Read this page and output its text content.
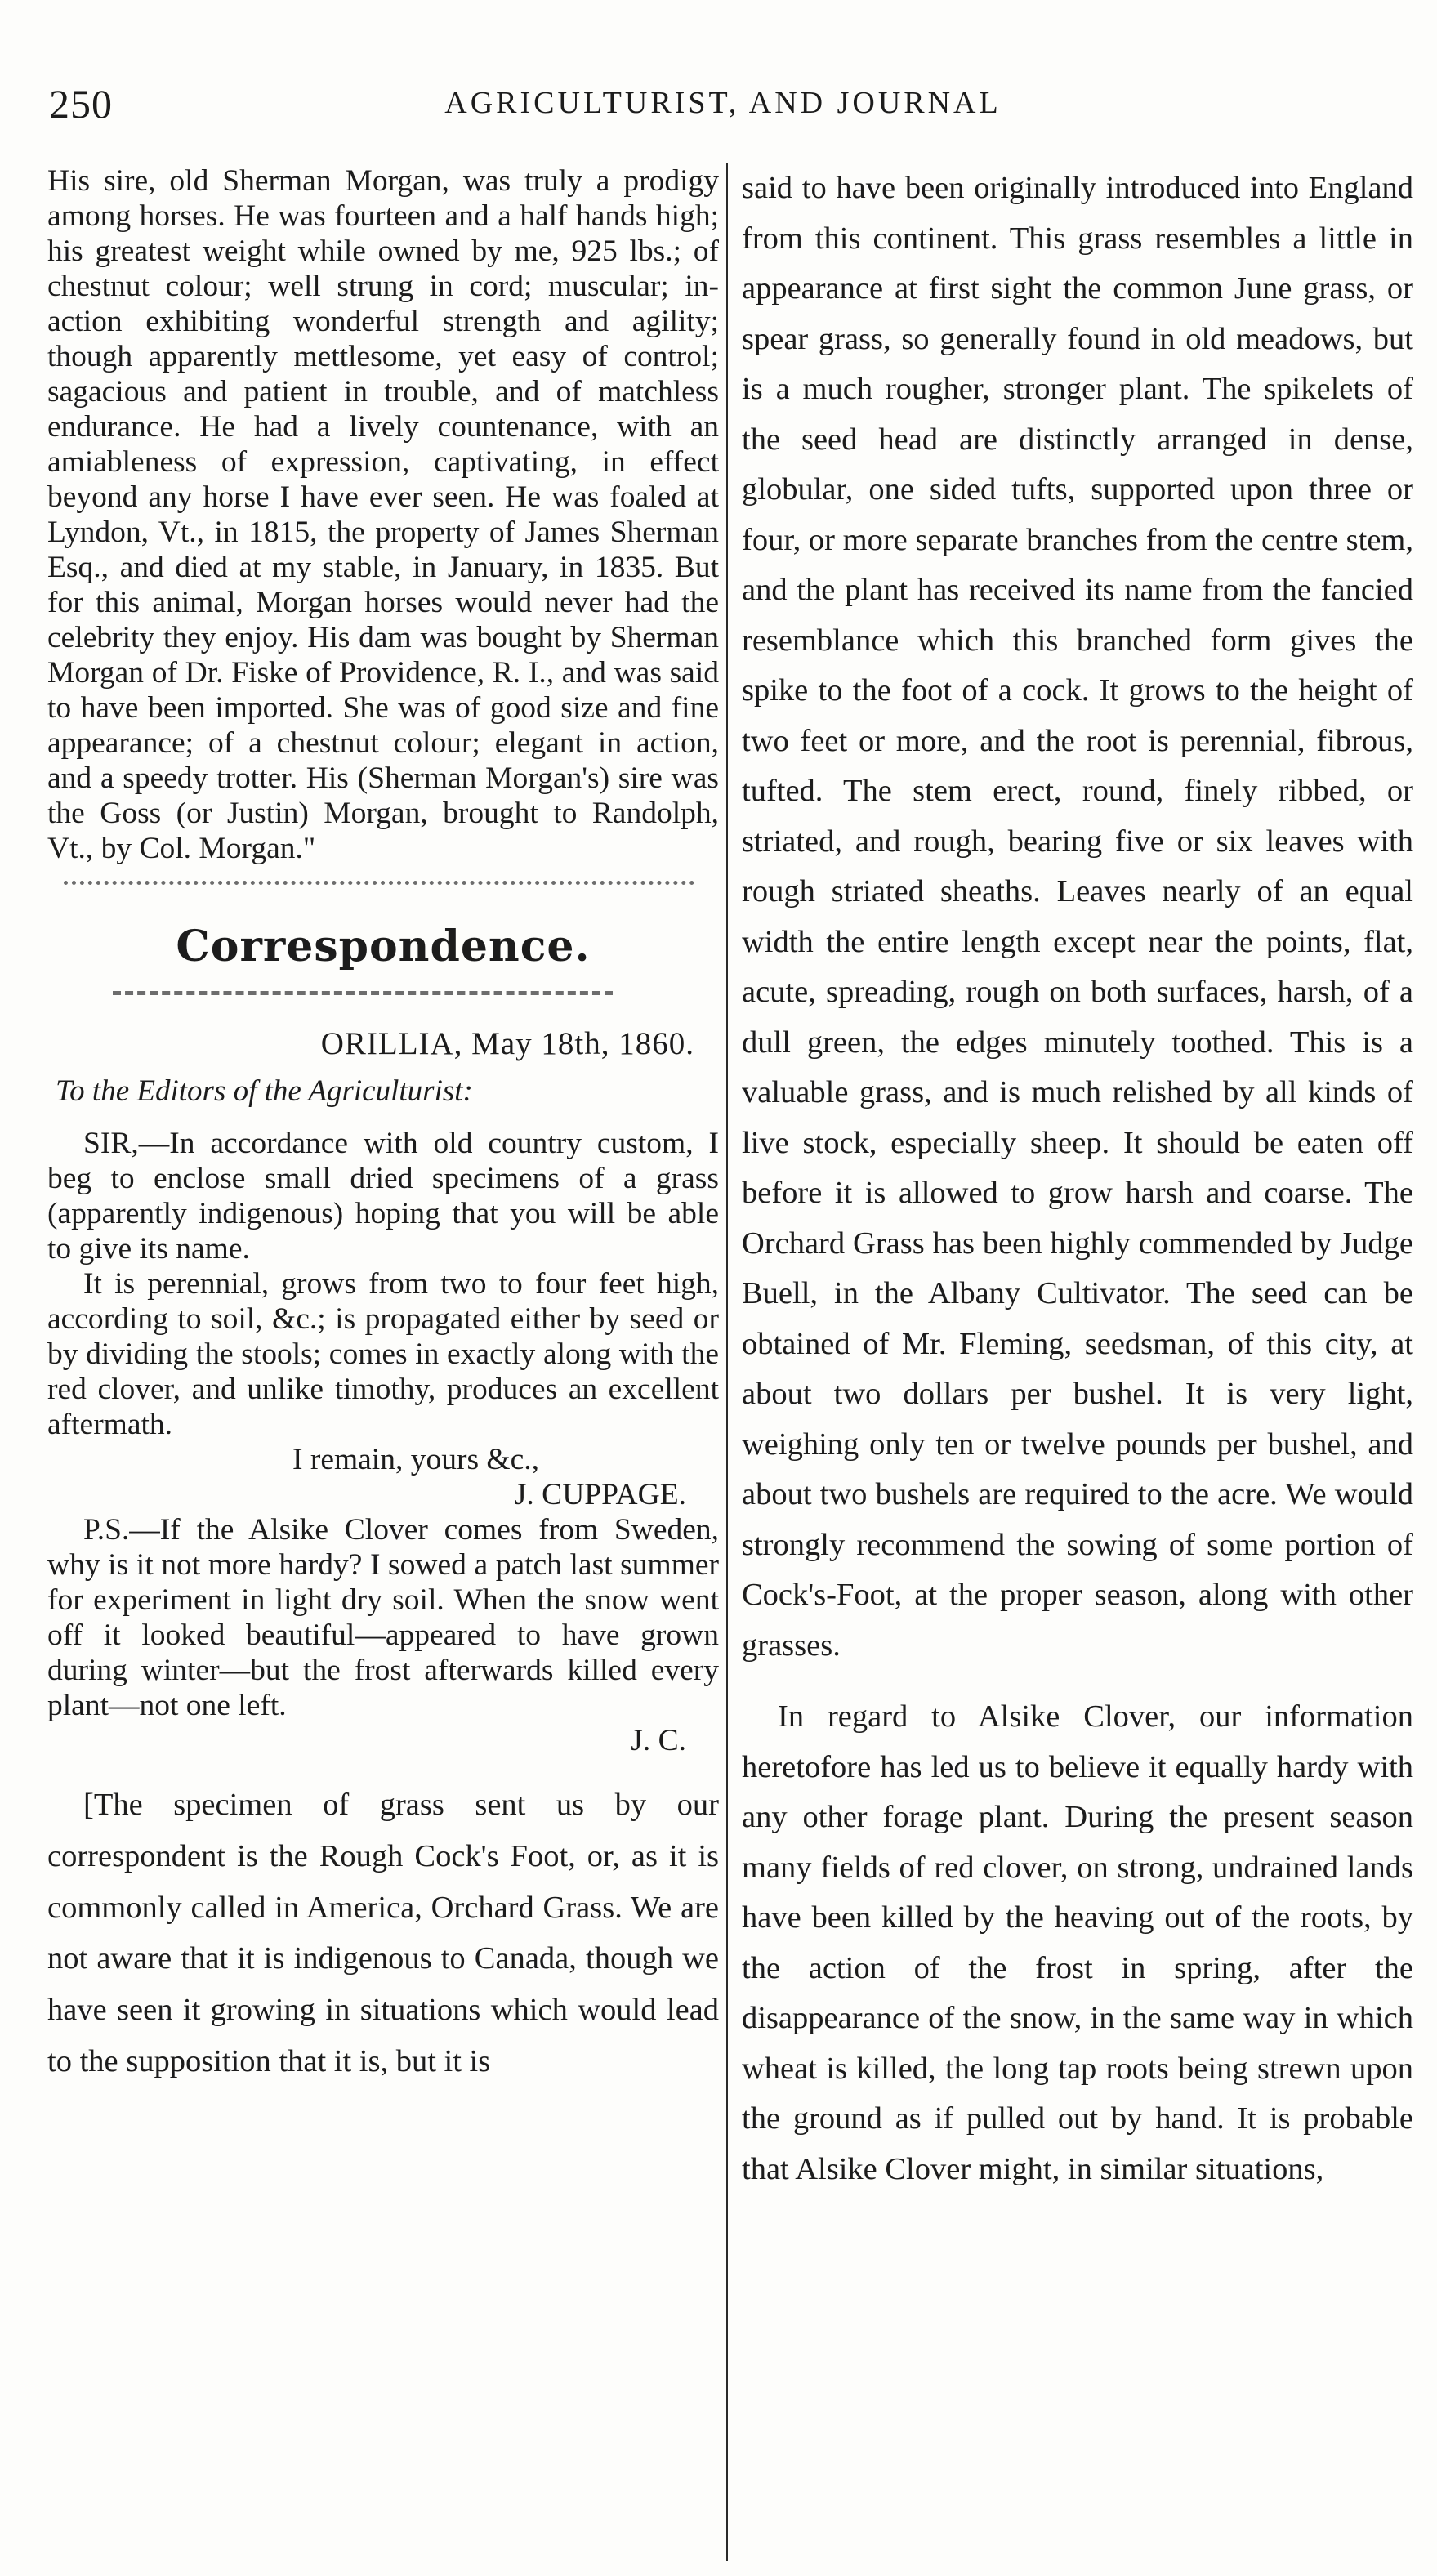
250	AGRICULTURIST, AND JOURNAL

His sire, old Sherman Morgan, was truly a prodigy among horses. He was fourteen and a half hands high; his greatest weight while owned by me, 925 lbs.; of chestnut colour; well strung in cord; muscular; in-action exhibiting wonderful strength and agility; though apparently mettlesome, yet easy of control; sagacious and patient in trouble, and of matchless endurance. He had a lively countenance, with an amiableness of expression, captivating, in effect beyond any horse I have ever seen. He was foaled at Lyndon, Vt., in 1815, the property of James Sherman Esq., and died at my stable, in January, in 1835. But for this animal, Morgan horses would never had the celebrity they enjoy. His dam was bought by Sherman Morgan of Dr. Fiske of Providence, R. I., and was said to have been imported. She was of good size and fine appearance; of a chestnut colour; elegant in action, and a speedy trotter. His (Sherman Morgan's) sire was the Goss (or Justin) Morgan, brought to Randolph, Vt., by Col. Morgan."

Correspondence.
ORILLIA, May 18th, 1860.
To the Editors of the Agriculturist:

SIR,—In accordance with old country custom, I beg to enclose small dried specimens of a grass (apparently indigenous) hoping that you will be able to give its name.

It is perennial, grows from two to four feet high, according to soil, &c.; is propagated either by seed or by dividing the stools; comes in exactly along with the red clover, and unlike timothy, produces an excellent aftermath.

I remain, yours &c.,

J. CUPPAGE.

P.S.—If the Alsike Clover comes from Sweden, why is it not more hardy? I sowed a patch last summer for experiment in light dry soil. When the snow went off it looked beautiful—appeared to have grown during winter—but the frost afterwards killed every plant—not one left.

J. C.

[The specimen of grass sent us by our correspondent is the Rough Cock's Foot, or, as it is commonly called in America, Orchard Grass. We are not aware that it is indigenous to Canada, though we have seen it growing in situations which would lead to the supposition that it is, but it is

said to have been originally introduced into England from this continent. This grass resembles a little in appearance at first sight the common June grass, or spear grass, so generally found in old meadows, but is a much rougher, stronger plant. The spikelets of the seed head are distinctly arranged in dense, globular, one sided tufts, supported upon three or four, or more separate branches from the centre stem, and the plant has received its name from the fancied resemblance which this branched form gives the spike to the foot of a cock. It grows to the height of two feet or more, and the root is perennial, fibrous, tufted. The stem erect, round, finely ribbed, or striated, and rough, bearing five or six leaves with rough striated sheaths. Leaves nearly of an equal width the entire length except near the points, flat, acute, spreading, rough on both surfaces, harsh, of a dull green, the edges minutely toothed. This is a valuable grass, and is much relished by all kinds of live stock, especially sheep. It should be eaten off before it is allowed to grow harsh and coarse. The Orchard Grass has been highly commended by Judge Buell, in the Albany Cultivator. The seed can be obtained of Mr. Fleming, seedsman, of this city, at about two dollars per bushel. It is very light, weighing only ten or twelve pounds per bushel, and about two bushels are required to the acre. We would strongly recommend the sowing of some portion of Cock's-Foot, at the proper season, along with other grasses.

In regard to Alsike Clover, our information heretofore has led us to believe it equally hardy with any other forage plant. During the present season many fields of red clover, on strong, undrained lands have been killed by the heaving out of the roots, by the action of the frost in spring, after the disappearance of the snow, in the same way in which wheat is killed, the long tap roots being strewn upon the ground as if pulled out by hand. It is probable that Alsike Clover might, in similar situations,
